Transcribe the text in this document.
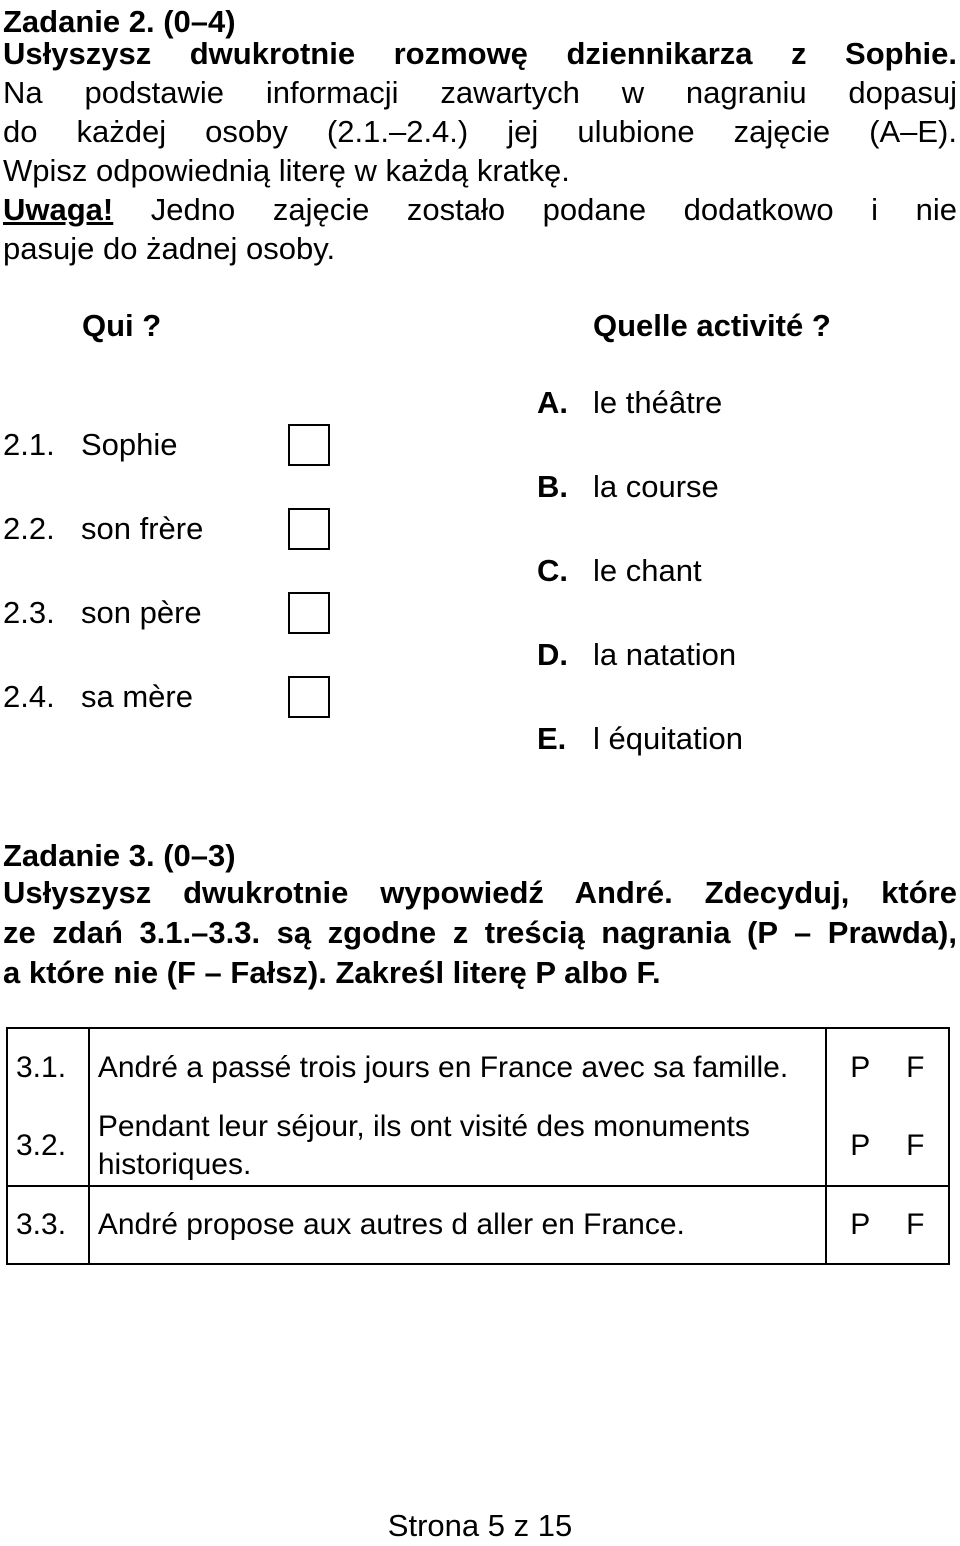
Zadanie 2. (0–4)
Usłyszysz dwukrotnie rozmowę dziennikarza z Sophie.
Na podstawie informacji zawartych w nagraniu dopasuj
do każdej osoby (2.1.–2.4.) jej ulubione zajęcie (A–E).
Wpisz odpowiednią literę w każdą kratkę.
Uwaga! Jedno zajęcie zostało podane dodatkowo i nie
pasuje do żadnej osoby.
Qui ?	Quelle activité ?
2.1. Sophie
2.2. son frère
2.3. son père
2.4. sa mère
A. le théâtre
B. la course
C. le chant
D. la natation
E. l équitation
Zadanie 3. (0–3)
Usłyszysz dwukrotnie wypowiedź André. Zdecyduj, które
ze zdań 3.1.–3.3. są zgodne z treścią nagrania (P – Prawda),
a które nie (F – Fałsz). Zakreśl literę P albo F.
3.1.	André a passé trois jours en France avec sa famille.	P F
3.2.	Pendant leur séjour, ils ont visité des monuments historiques.	P F
3.3.	André propose aux autres d aller en France.	P F
Strona 5 z 15
